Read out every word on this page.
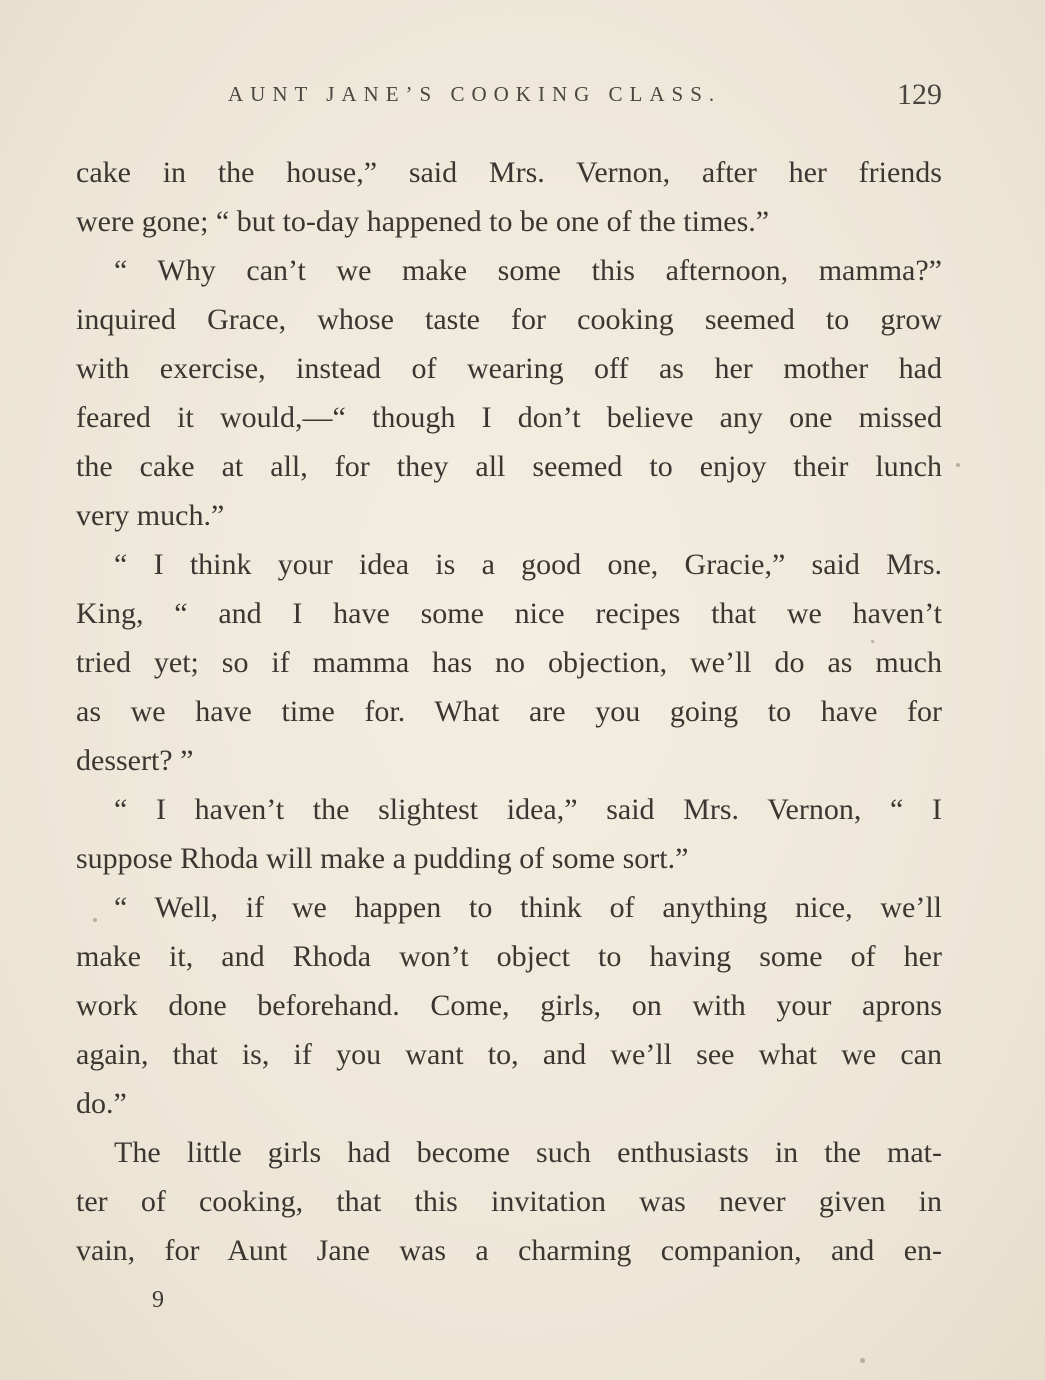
AUNT JANE’S COOKING CLASS.	129
cake in the house,” said Mrs. Vernon, after her friends
were gone; “ but to-day happened to be one of the times.”
“ Why can’t we make some this afternoon, mamma?”
inquired Grace, whose taste for cooking seemed to grow
with exercise, instead of wearing off as her mother had
feared it would,—“ though I don’t believe any one missed
the cake at all, for they all seemed to enjoy their lunch
very much.”
“ I think your idea is a good one, Gracie,” said Mrs.
King, “ and I have some nice recipes that we haven’t
tried yet; so if mamma has no objection, we’ll do as much
as we have time for. What are you going to have for
dessert? ”
“ I haven’t the slightest idea,” said Mrs. Vernon, “ I
suppose Rhoda will make a pudding of some sort.”
“ Well, if we happen to think of anything nice, we’ll
make it, and Rhoda won’t object to having some of her
work done beforehand. Come, girls, on with your aprons
again, that is, if you want to, and we’ll see what we can
do.”
The little girls had become such enthusiasts in the mat-
ter of cooking, that this invitation was never given in
vain, for Aunt Jane was a charming companion, and en-
9
